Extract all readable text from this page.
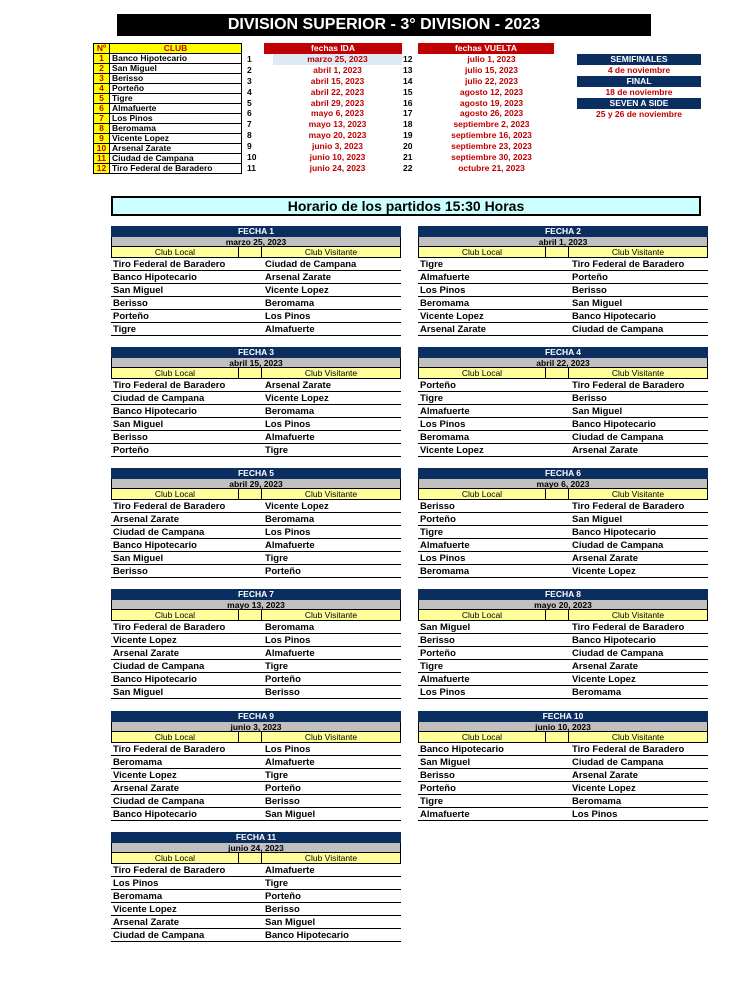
DIVISION SUPERIOR - 3° DIVISION - 2023
Nº	CLUB
1	Banco Hipotecario
2	San Miguel
3	Berisso
4	Porteño
5	Tigre
6	Almafuerte
7	Los Pinos
8	Beromama
9	Vicente Lopez
10	Arsenal Zarate
11	Ciudad de Campana
12	Tiro Federal de Baradero
fechas IDA
1	marzo 25, 2023
2	abril 1, 2023
3	abril 15, 2023
4	abril 22, 2023
5	abril 29, 2023
6	mayo 6, 2023
7	mayo 13, 2023
8	mayo 20, 2023
9	junio 3, 2023
10	junio 10, 2023
11	junio 24, 2023
fechas VUELTA
12	julio 1, 2023
13	julio 15, 2023
14	julio 22, 2023
15	agosto 12, 2023
16	agosto 19, 2023
17	agosto 26, 2023
18	septiembre 2, 2023
19	septiembre 16, 2023
20	septiembre 23, 2023
21	septiembre 30, 2023
22	octubre 21, 2023
SEMIFINALES
4 de noviembre
FINAL
18 de noviembre
SEVEN A SIDE
25 y 26 de noviembre
Horario de los partidos 15:30 Horas
FECHA 1
marzo 25, 2023
Club Local	Club Visitante
Tiro Federal de Baradero	Ciudad de Campana
Banco Hipotecario	Arsenal Zarate
San Miguel	Vicente Lopez
Berisso	Beromama
Porteño	Los Pinos
Tigre	Almafuerte
FECHA 2
abril 1, 2023
Club Local	Club Visitante
Tigre	Tiro Federal de Baradero
Almafuerte	Porteño
Los Pinos	Berisso
Beromama	San Miguel
Vicente Lopez	Banco Hipotecario
Arsenal Zarate	Ciudad de Campana
FECHA 3
abril 15, 2023
Club Local	Club Visitante
Tiro Federal de Baradero	Arsenal Zarate
Ciudad de Campana	Vicente Lopez
Banco Hipotecario	Beromama
San Miguel	Los Pinos
Berisso	Almafuerte
Porteño	Tigre
FECHA 4
abril 22, 2023
Club Local	Club Visitante
Porteño	Tiro Federal de Baradero
Tigre	Berisso
Almafuerte	San Miguel
Los Pinos	Banco Hipotecario
Beromama	Ciudad de Campana
Vicente Lopez	Arsenal Zarate
FECHA 5
abril 29, 2023
Club Local	Club Visitante
Tiro Federal de Baradero	Vicente Lopez
Arsenal Zarate	Beromama
Ciudad de Campana	Los Pinos
Banco Hipotecario	Almafuerte
San Miguel	Tigre
Berisso	Porteño
FECHA 6
mayo 6, 2023
Club Local	Club Visitante
Berisso	Tiro Federal de Baradero
Porteño	San Miguel
Tigre	Banco Hipotecario
Almafuerte	Ciudad de Campana
Los Pinos	Arsenal Zarate
Beromama	Vicente Lopez
FECHA 7
mayo 13, 2023
Club Local	Club Visitante
Tiro Federal de Baradero	Beromama
Vicente Lopez	Los Pinos
Arsenal Zarate	Almafuerte
Ciudad de Campana	Tigre
Banco Hipotecario	Porteño
San Miguel	Berisso
FECHA 8
mayo 20, 2023
Club Local	Club Visitante
San Miguel	Tiro Federal de Baradero
Berisso	Banco Hipotecario
Porteño	Ciudad de Campana
Tigre	Arsenal Zarate
Almafuerte	Vicente Lopez
Los Pinos	Beromama
FECHA 9
junio 3, 2023
Club Local	Club Visitante
Tiro Federal de Baradero	Los Pinos
Beromama	Almafuerte
Vicente Lopez	Tigre
Arsenal Zarate	Porteño
Ciudad de Campana	Berisso
Banco Hipotecario	San Miguel
FECHA 10
junio 10, 2023
Club Local	Club Visitante
Banco Hipotecario	Tiro Federal de Baradero
San Miguel	Ciudad de Campana
Berisso	Arsenal Zarate
Porteño	Vicente Lopez
Tigre	Beromama
Almafuerte	Los Pinos
FECHA 11
junio 24, 2023
Club Local	Club Visitante
Tiro Federal de Baradero	Almafuerte
Los Pinos	Tigre
Beromama	Porteño
Vicente Lopez	Berisso
Arsenal Zarate	San Miguel
Ciudad de Campana	Banco Hipotecario
